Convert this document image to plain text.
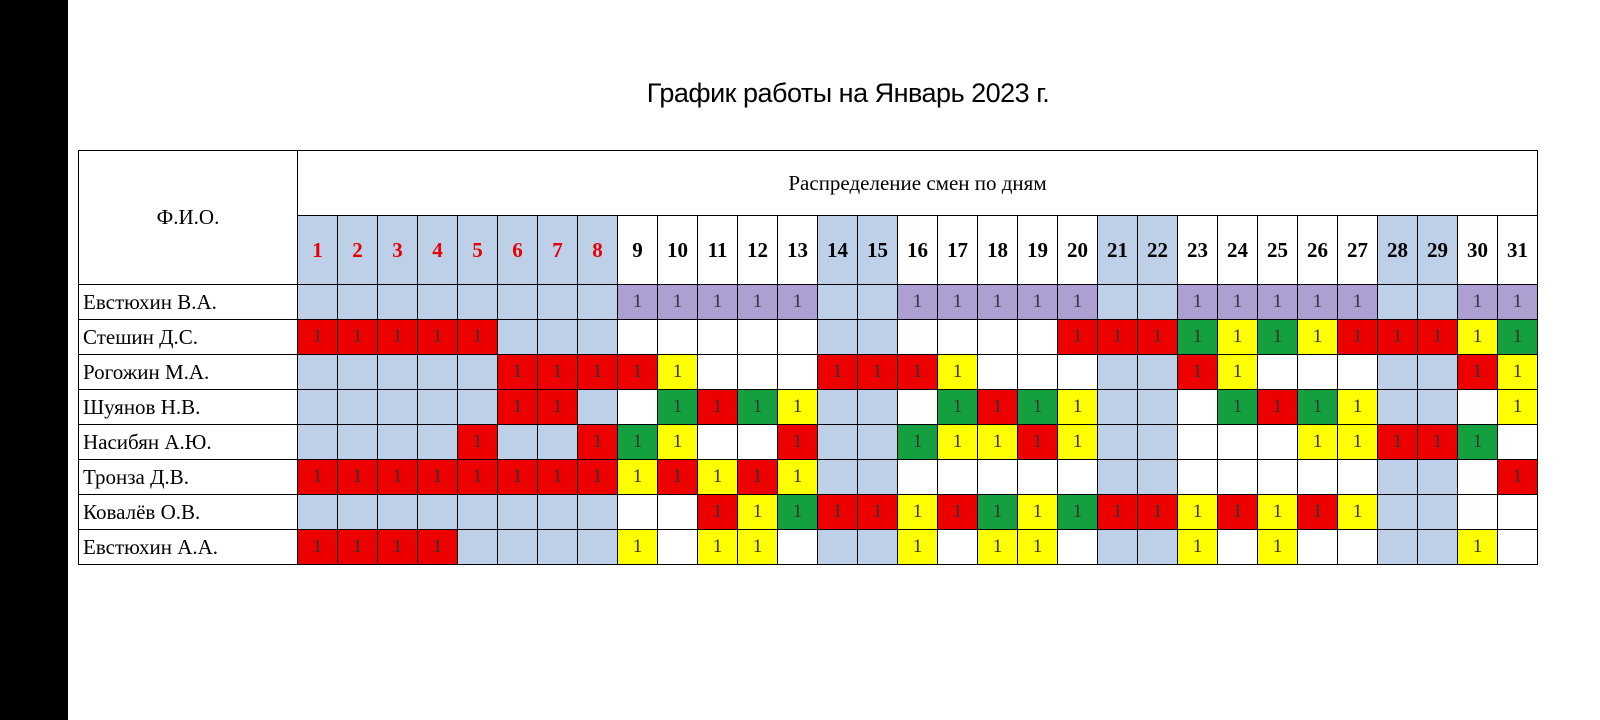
График работы на Январь 2023 г.
Ф.И.О.	Распределение смен по дням																														
	1	2	3	4	5	6	7	8	9	10	11	12	13	14	15	16	17	18	19	20	21	22	23	24	25	26	27	28	29	30	31
Евстюхин В.А.									1	1	1	1	1			1	1	1	1	1			1	1	1	1	1			1	1
Стешин Д.С.	1	1	1	1	1															1	1	1	1	1	1	1	1	1	1	1	1
Рогожин М.А.						1	1	1	1	1				1	1	1	1						1	1						1	1
Шуянов Н.В.						1	1			1	1	1	1				1	1	1	1				1	1	1	1				1
Насибян А.Ю.					1			1	1	1			1			1	1	1	1	1						1	1	1	1	1	
Тронза Д.В.	1	1	1	1	1	1	1	1	1	1	1	1	1																		1
Ковалёв О.В.											1	1	1	1	1	1	1	1	1	1	1	1	1	1	1	1	1				
Евстюхин А.А.	1	1	1	1					1		1	1				1		1	1				1		1					1	
